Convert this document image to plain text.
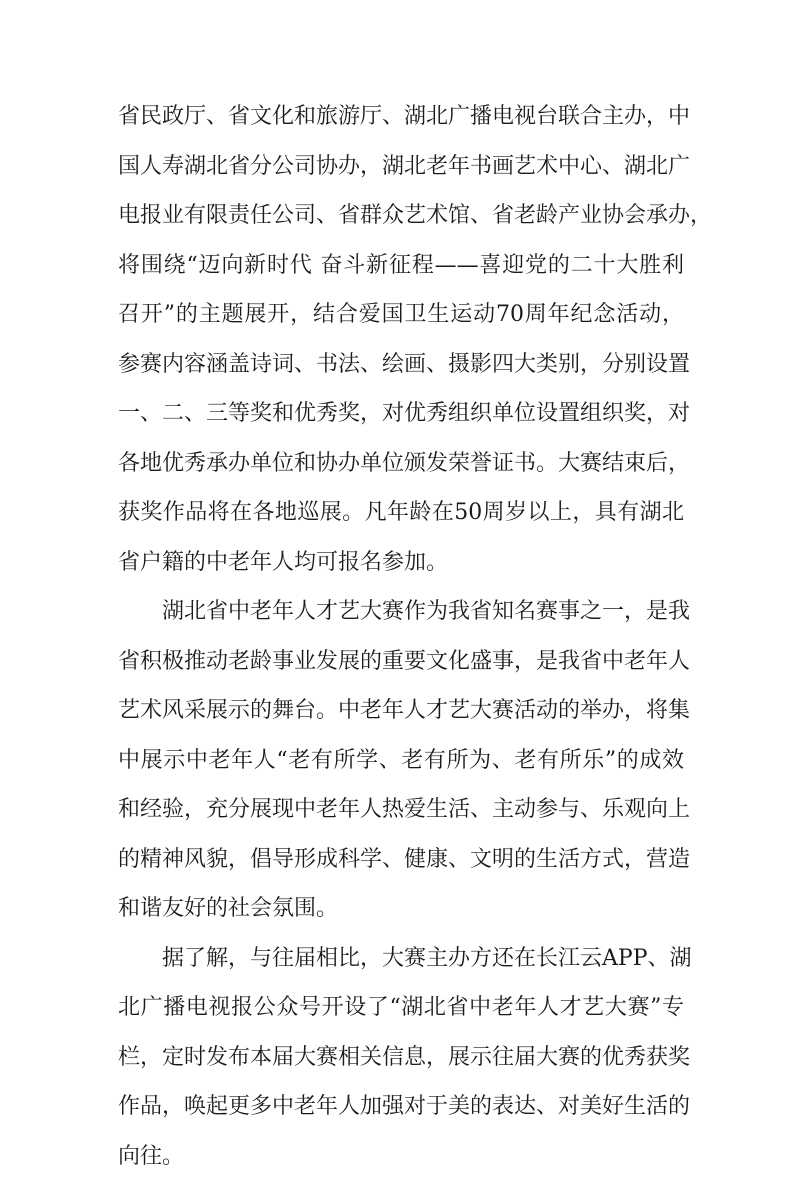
省民政厅、省文化和旅游厅、湖北广播电视台联合主办，中
国人寿湖北省分公司协办，湖北老年书画艺术中心、湖北广
电报业有限责任公司、省群众艺术馆、省老龄产业协会承办，
将围绕“迈向新时代 奋斗新征程——喜迎党的二十大胜利
召开”的主题展开，结合爱国卫生运动70周年纪念活动，
参赛内容涵盖诗词、书法、绘画、摄影四大类别，分别设置
一、二、三等奖和优秀奖，对优秀组织单位设置组织奖，对
各地优秀承办单位和协办单位颁发荣誉证书。大赛结束后，
获奖作品将在各地巡展。凡年龄在50周岁以上，具有湖北
省户籍的中老年人均可报名参加。
湖北省中老年人才艺大赛作为我省知名赛事之一，是我
省积极推动老龄事业发展的重要文化盛事，是我省中老年人
艺术风采展示的舞台。中老年人才艺大赛活动的举办，将集
中展示中老年人“老有所学、老有所为、老有所乐”的成效
和经验，充分展现中老年人热爱生活、主动参与、乐观向上
的精神风貌，倡导形成科学、健康、文明的生活方式，营造
和谐友好的社会氛围。
据了解，与往届相比，大赛主办方还在长江云APP、湖
北广播电视报公众号开设了“湖北省中老年人才艺大赛”专
栏，定时发布本届大赛相关信息，展示往届大赛的优秀获奖
作品，唤起更多中老年人加强对于美的表达、对美好生活的
向往。
